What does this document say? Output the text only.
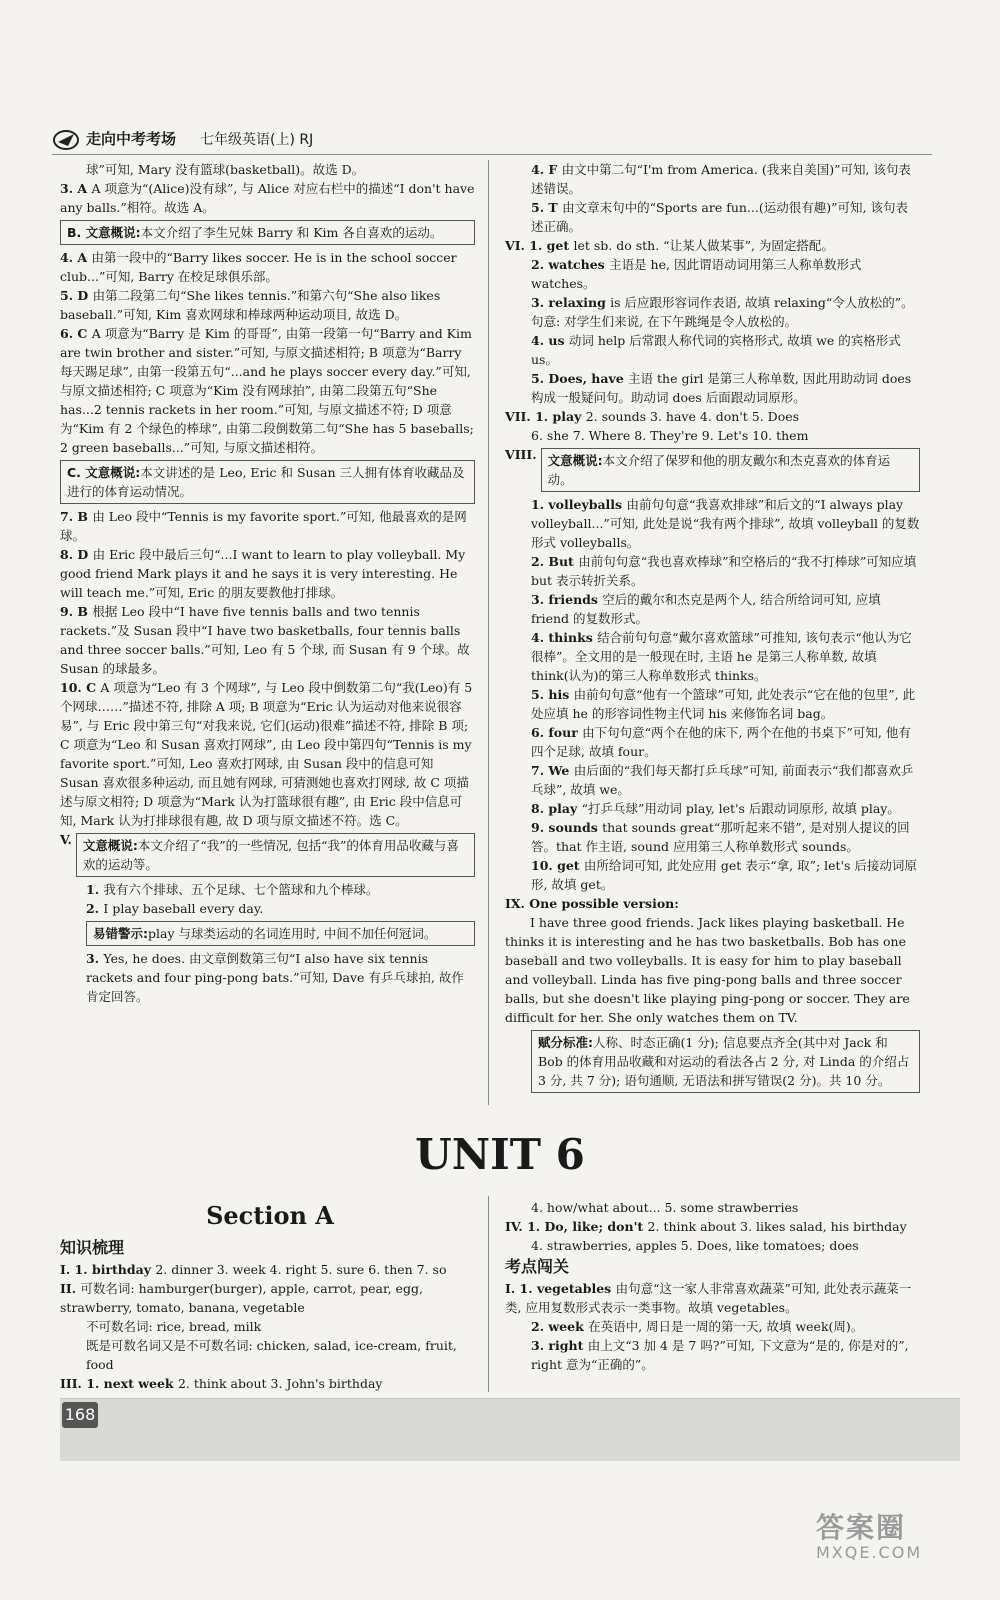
走向中考考场 七年级英语(上) RJ

球”可知, Mary 没有篮球(basketball)。故选 D。

3. A A 项意为“(Alice)没有球”, 与 Alice 对应右栏中的描述“I don't have any balls.”相符。故选 A。

B. 文意概说:本文介绍了李生兄妹 Barry 和 Kim 各自喜欢的运动。

4. A 由第一段中的“Barry likes soccer. He is in the school soccer club...”可知, Barry 在校足球俱乐部。

5. D 由第二段第二句“She likes tennis.”和第六句“She also likes baseball.”可知, Kim 喜欢网球和棒球两种运动项目, 故选 D。

6. C A 项意为“Barry 是 Kim 的哥哥”, 由第一段第一句“Barry and Kim are twin brother and sister.”可知, 与原文描述相符; B 项意为“Barry 每天踢足球”, 由第一段第五句“...and he plays soccer every day.”可知, 与原文描述相符; C 项意为“Kim 没有网球拍”, 由第二段第五句“She has...2 tennis rackets in her room.”可知, 与原文描述不符; D 项意为“Kim 有 2 个绿色的棒球”, 由第二段倒数第二句“She has 5 baseballs; 2 green baseballs...”可知, 与原文描述相符。

C. 文意概说:本文讲述的是 Leo, Eric 和 Susan 三人拥有体育收藏品及进行的体育运动情况。

7. B 由 Leo 段中“Tennis is my favorite sport.”可知, 他最喜欢的是网球。

8. D 由 Eric 段中最后三句“...I want to learn to play volleyball. My good friend Mark plays it and he says it is very interesting. He will teach me.”可知, Eric 的朋友要教他打排球。

9. B 根据 Leo 段中“I have five tennis balls and two tennis rackets.”及 Susan 段中“I have two basketballs, four tennis balls and three soccer balls.”可知, Leo 有 5 个球, 而 Susan 有 9 个球。故 Susan 的球最多。

10. C A 项意为“Leo 有 3 个网球”, 与 Leo 段中倒数第二句“我(Leo)有 5 个网球……”描述不符, 排除 A 项; B 项意为“Eric 认为运动对他来说很容易”, 与 Eric 段中第三句“对我来说, 它们(运动)很难”描述不符, 排除 B 项; C 项意为“Leo 和 Susan 喜欢打网球”, 由 Leo 段中第四句“Tennis is my favorite sport.”可知, Leo 喜欢打网球, 由 Susan 段中的信息可知 Susan 喜欢很多种运动, 而且她有网球, 可猜测她也喜欢打网球, 故 C 项描述与原文相符; D 项意为“Mark 认为打篮球很有趣”, 由 Eric 段中信息可知, Mark 认为打排球很有趣, 故 D 项与原文描述不符。选 C。

V. 文意概说:本文介绍了“我”的一些情况, 包括“我”的体育用品收藏与喜欢的运动等。

1. 我有六个排球、五个足球、七个篮球和九个棒球。

2. I play baseball every day.

易错警示:play 与球类运动的名词连用时, 中间不加任何冠词。

3. Yes, he does. 由文章倒数第三句“I also have six tennis rackets and four ping-pong bats.”可知, Dave 有乒乓球拍, 故作肯定回答。

4. F 由文中第二句“I'm from America. (我来自美国)”可知, 该句表述错误。

5. T 由文章末句中的“Sports are fun...(运动很有趣)”可知, 该句表述正确。

VI. 1. get let sb. do sth. “让某人做某事”, 为固定搭配。

2. watches 主语是 he, 因此谓语动词用第三人称单数形式 watches。

3. relaxing is 后应跟形容词作表语, 故填 relaxing“令人放松的”。句意: 对学生们来说, 在下午跳绳是令人放松的。

4. us 动词 help 后常跟人称代词的宾格形式, 故填 we 的宾格形式 us。

5. Does, have 主语 the girl 是第三人称单数, 因此用助动词 does 构成一般疑问句。助动词 does 后面跟动词原形。

VII. 1. play 2. sounds 3. have 4. don't 5. Does

6. she 7. Where 8. They're 9. Let's 10. them

VIII. 文意概说:本文介绍了保罗和他的朋友戴尔和杰克喜欢的体育运动。

1. volleyballs 由前句句意“我喜欢排球”和后文的“I always play volleyball...”可知, 此处是说“我有两个排球”, 故填 volleyball 的复数形式 volleyballs。

2. But 由前句句意“我也喜欢棒球”和空格后的“我不打棒球”可知应填 but 表示转折关系。

3. friends 空后的戴尔和杰克是两个人, 结合所给词可知, 应填 friend 的复数形式。

4. thinks 结合前句句意“戴尔喜欢篮球”可推知, 该句表示“他认为它很棒”。全文用的是一般现在时, 主语 he 是第三人称单数, 故填 think(认为)的第三人称单数形式 thinks。

5. his 由前句句意“他有一个篮球”可知, 此处表示“它在他的包里”, 此处应填 he 的形容词性物主代词 his 来修饰名词 bag。

6. four 由下句句意“两个在他的床下, 两个在他的书桌下”可知, 他有四个足球, 故填 four。

7. We 由后面的“我们每天都打乒乓球”可知, 前面表示“我们都喜欢乒乓球”, 故填 we。

8. play “打乒乓球”用动词 play, let's 后跟动词原形, 故填 play。

9. sounds that sounds great“那听起来不错”, 是对别人提议的回答。that 作主语, sound 应用第三人称单数形式 sounds。

10. get 由所给词可知, 此处应用 get 表示“拿, 取”; let's 后接动词原形, 故填 get。

IX. One possible version:

I have three good friends. Jack likes playing basketball. He thinks it is interesting and he has two basketballs. Bob has one baseball and two volleyballs. It is easy for him to play baseball and volleyball. Linda has five ping-pong balls and three soccer balls, but she doesn't like playing ping-pong or soccer. They are difficult for her. She only watches them on TV.

赋分标准:人称、时态正确(1 分); 信息要点齐全(其中对 Jack 和 Bob 的体育用品收藏和对运动的看法各占 2 分, 对 Linda 的介绍占 3 分, 共 7 分); 语句通顺, 无语法和拼写错误(2 分)。共 10 分。
UNIT 6
Section A

知识梳理

I. 1. birthday 2. dinner 3. week 4. right 5. sure 6. then 7. so

II. 可数名词: hamburger(burger), apple, carrot, pear, egg, strawberry, tomato, banana, vegetable

不可数名词: rice, bread, milk

既是可数名词又是不可数名词: chicken, salad, ice-cream, fruit, food

III. 1. next week 2. think about 3. John's birthday

4. how/what about... 5. some strawberries

IV. 1. Do, like; don't 2. think about 3. likes salad, his birthday

4. strawberries, apples 5. Does, like tomatoes; does

考点闯关

I. 1. vegetables 由句意“这一家人非常喜欢蔬菜”可知, 此处表示蔬菜一类, 应用复数形式表示一类事物。故填 vegetables。

2. week 在英语中, 周日是一周的第一天, 故填 week(周)。

3. right 由上文“3 加 4 是 7 吗?”可知, 下文意为“是的, 你是对的”, right 意为“正确的”。

168
答案圈
MXQE.COM
